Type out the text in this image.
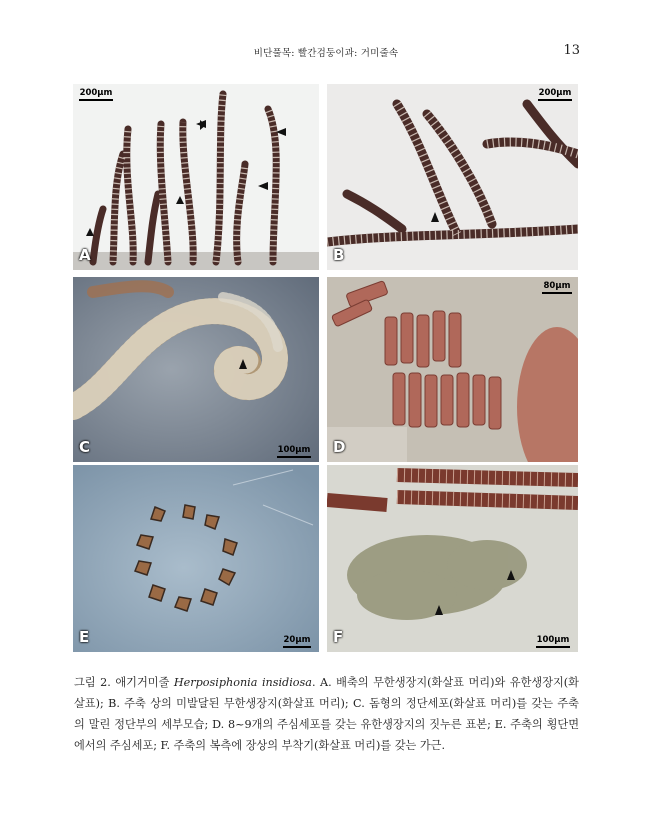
비단풀목: 빨간검둥이과: 거미줄속	13
200µm
A
200µm
B
100µm
C
80µm
D
20µm
E	100µm
F
그림 2. 애기거미줄 Herposiphonia insidiosa. A. 배축의 무한생장지(화살표 머리)와 유한생장지(화살표); B. 주축 상의 미발달된 무한생장지(화살표 머리); C. 돔형의 정단세포(화살표 머리)를 갖는 주축의 말린 정단부의 세부모습; D. 8~9개의 주심세포를 갖는 유한생장지의 짓누른 표본; E. 주축의 횡단면에서의 주심세포; F. 주축의 복측에 장상의 부착기(화살표 머리)를 갖는 가근.
